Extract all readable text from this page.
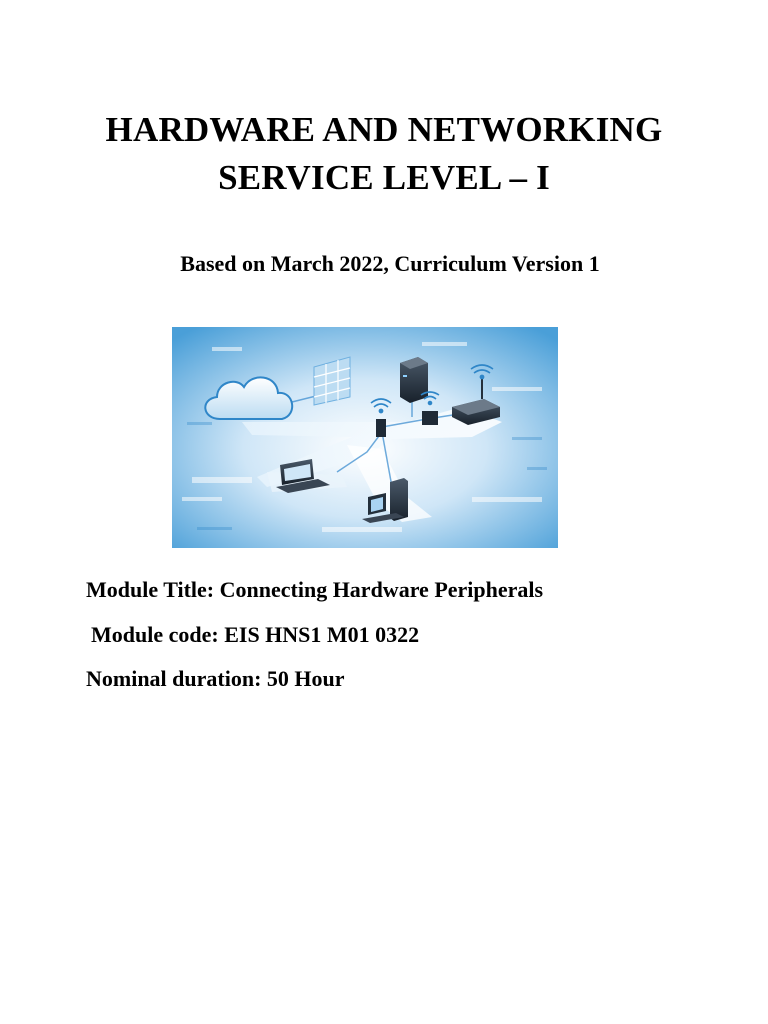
HARDWARE AND NETWORKING
SERVICE LEVEL – I

Based on March 2022, Curriculum Version 1

Module Title: Connecting Hardware Peripherals

Module code: EIS HNS1 M01 0322

Nominal duration: 50 Hour
